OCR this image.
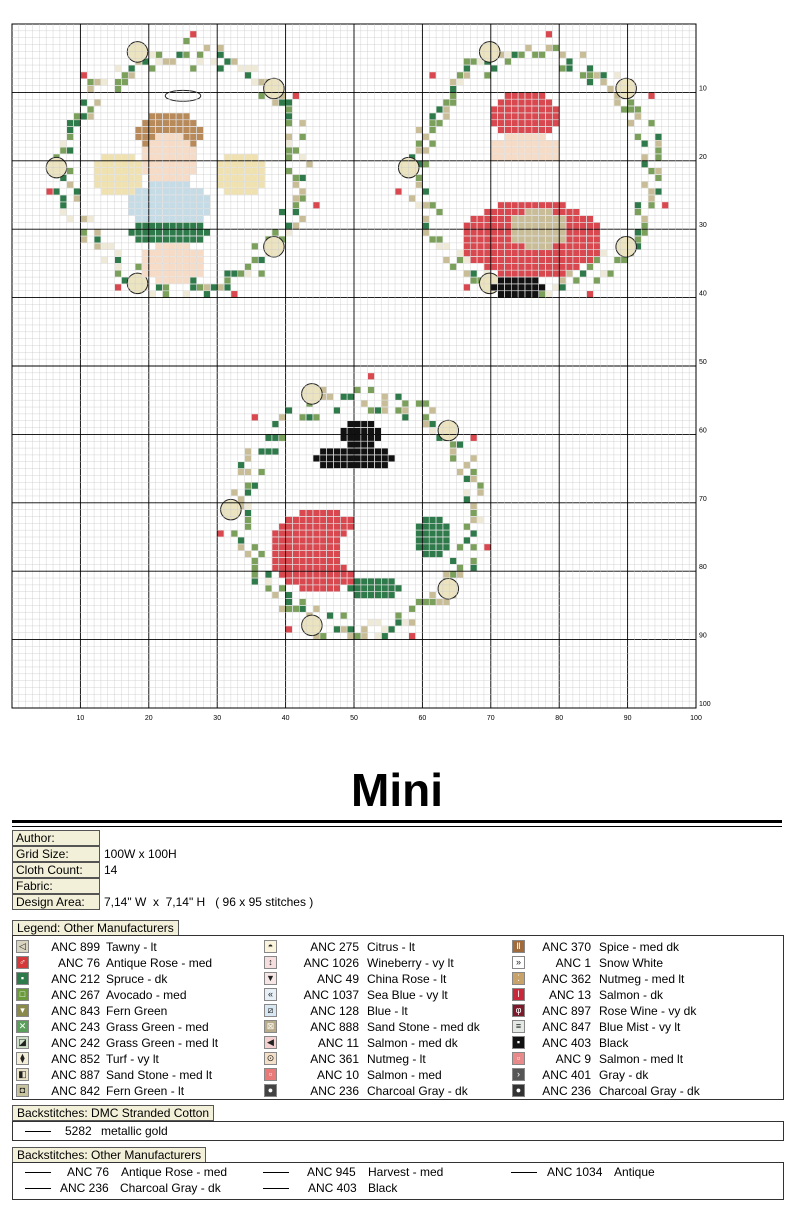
10	20	30	40	50	60	70	80	90	100
10
20
30
40
50
60
70
80
90
100
Mini
Author:
Grid Size:	100W x 100H
Cloth Count:	14
Fabric:
Design Area:	7,14" W  x  7,14" H   ( 96 x 95 stitches )
Legend: Other Manufacturers
◁	ANC 899 Tawny - lt
♂	ANC 76 Antique Rose - med
▪	ANC 212 Spruce - dk
□	ANC 267 Avocado - med
▾	ANC 843 Fern Green
✕	ANC 243 Grass Green - med
◪	ANC 242 Grass Green - med lt
⧫	ANC 852 Turf - vy lt
◧	ANC 887 Sand Stone - med lt
◘	ANC 842 Fern Green - lt
◓	ANC 275 Citrus - lt
↕	ANC 1026 Wineberry - vy lt
▼	ANC 49 China Rose - lt
«	ANC 1037 Sea Blue - vy lt
⧄	ANC 128 Blue - lt
⊠	ANC 888 Sand Stone - med dk
◀	ANC 11 Salmon - med dk
⊙	ANC 361 Nutmeg - lt
▫	ANC 10 Salmon - med
●	ANC 236 Charcoal Gray - dk
Ⅱ	ANC 370 Spice - med dk
»	ANC 1 Snow White
⁚	ANC 362 Nutmeg - med lt
ǀ	ANC 13 Salmon - dk
φ	ANC 897 Rose Wine - vy dk
≡	ANC 847 Blue Mist - vy lt
▪	ANC 403 Black
▫	ANC 9 Salmon - med lt
›	ANC 401 Gray - dk
●	ANC 236 Charcoal Gray - dk
Backstitches: DMC Stranded Cotton
5282 metallic gold
Backstitches: Other Manufacturers
ANC 76 Antique Rose - med	ANC 945 Harvest - med	ANC 1034 Antique
ANC 236 Charcoal Gray - dk	ANC 403 Black
